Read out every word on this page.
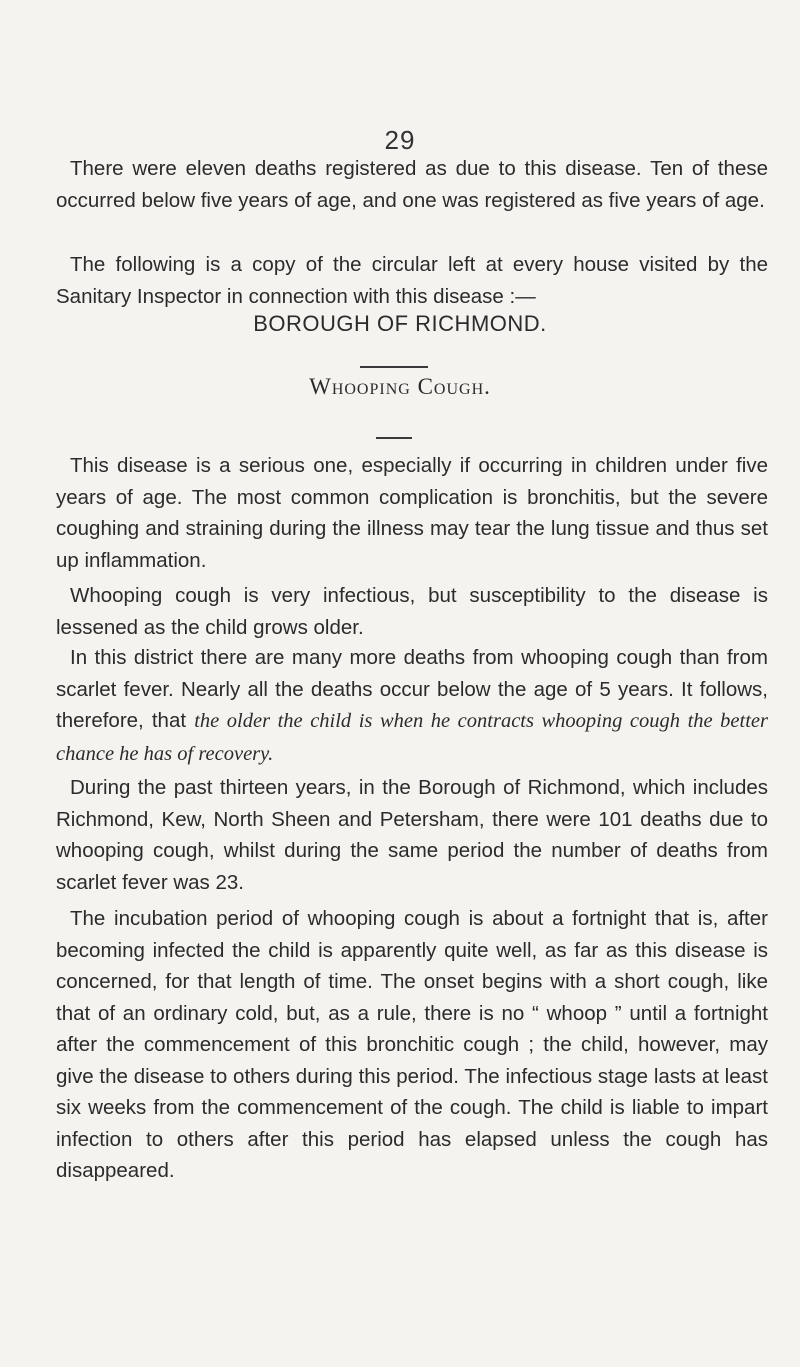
29

There were eleven deaths registered as due to this disease. Ten of these occurred below five years of age, and one was registered as five years of age.

The following is a copy of the circular left at every house visited by the Sanitary Inspector in connection with this disease :—

BOROUGH OF RICHMOND.
Whooping Cough.

This disease is a serious one, especially if occurring in children under five years of age. The most common complication is bronchitis, but the severe coughing and straining during the illness may tear the lung tissue and thus set up inflammation.

Whooping cough is very infectious, but susceptibility to the disease is lessened as the child grows older.

In this district there are many more deaths from whooping cough than from scarlet fever. Nearly all the deaths occur below the age of 5 years. It follows, therefore, that the older the child is when he contracts whooping cough the better chance he has of recovery.

During the past thirteen years, in the Borough of Richmond, which includes Richmond, Kew, North Sheen and Petersham, there were 101 deaths due to whooping cough, whilst during the same period the number of deaths from scarlet fever was 23.

The incubation period of whooping cough is about a fortnight that is, after becoming infected the child is apparently quite well, as far as this disease is concerned, for that length of time. The onset begins with a short cough, like that of an ordinary cold, but, as a rule, there is no “ whoop ” until a fortnight after the commencement of this bronchitic cough ; the child, however, may give the disease to others during this period. The infectious stage lasts at least six weeks from the commencement of the cough. The child is liable to impart infection to others after this period has elapsed unless the cough has disappeared.
